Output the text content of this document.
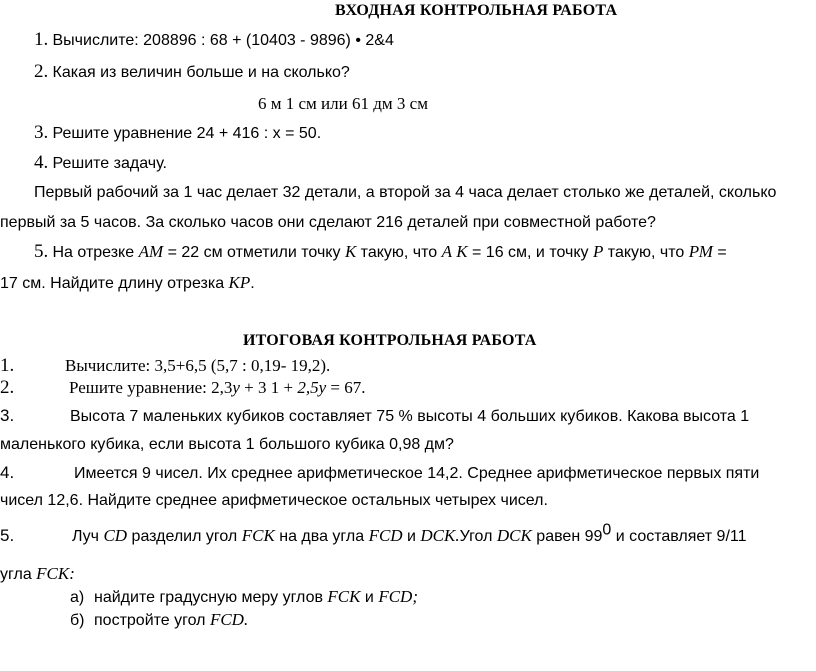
ВХОДНАЯ КОНТРОЛЬНАЯ РАБОТА
1. Вычислите: 208896 : 68 + (10403 - 9896) • 2&4
2. Какая из величин больше и на сколько?
6 м 1 см или 61 дм 3 см
3. Решите уравнение 24 + 416 : х = 50.
4. Решите задачу.
Первый рабочий за 1 час делает 32 детали, а второй за 4 часа делает столько же деталей, сколько
первый за 5 часов. За сколько часов они сделают 216 деталей при совместной работе?
5. На отрезке АМ = 22 см отметили точку К такую, что А К = 16 см, и точку Р такую, что РМ =
17 см. Найдите длину отрезка КР.
ИТОГОВАЯ КОНТРОЛЬНАЯ РАБОТА
1.	Вычислите: 3,5+6,5 (5,7 : 0,19- 19,2).
2.	Решите уравнение: 2,3у + 3 1 + 2,5у = 67.
3.	Высота 7 маленьких кубиков составляет 75 % высоты 4 больших кубиков. Какова высота 1
маленького кубика, если высота 1 большого кубика 0,98 дм?
4.	Имеется 9 чисел. Их среднее арифметическое 14,2. Среднее арифметическое первых пяти
чисел 12,6. Найдите среднее арифметическое остальных четырех чисел.
5.	Луч CD разделил угол FCK на два угла FCD и DCK.Угол DCK равен $99^0$ и составляет 9/11
угла FCK:
а) найдите градусную меру углов FCK и FCD;
б) постройте угол FCD.
